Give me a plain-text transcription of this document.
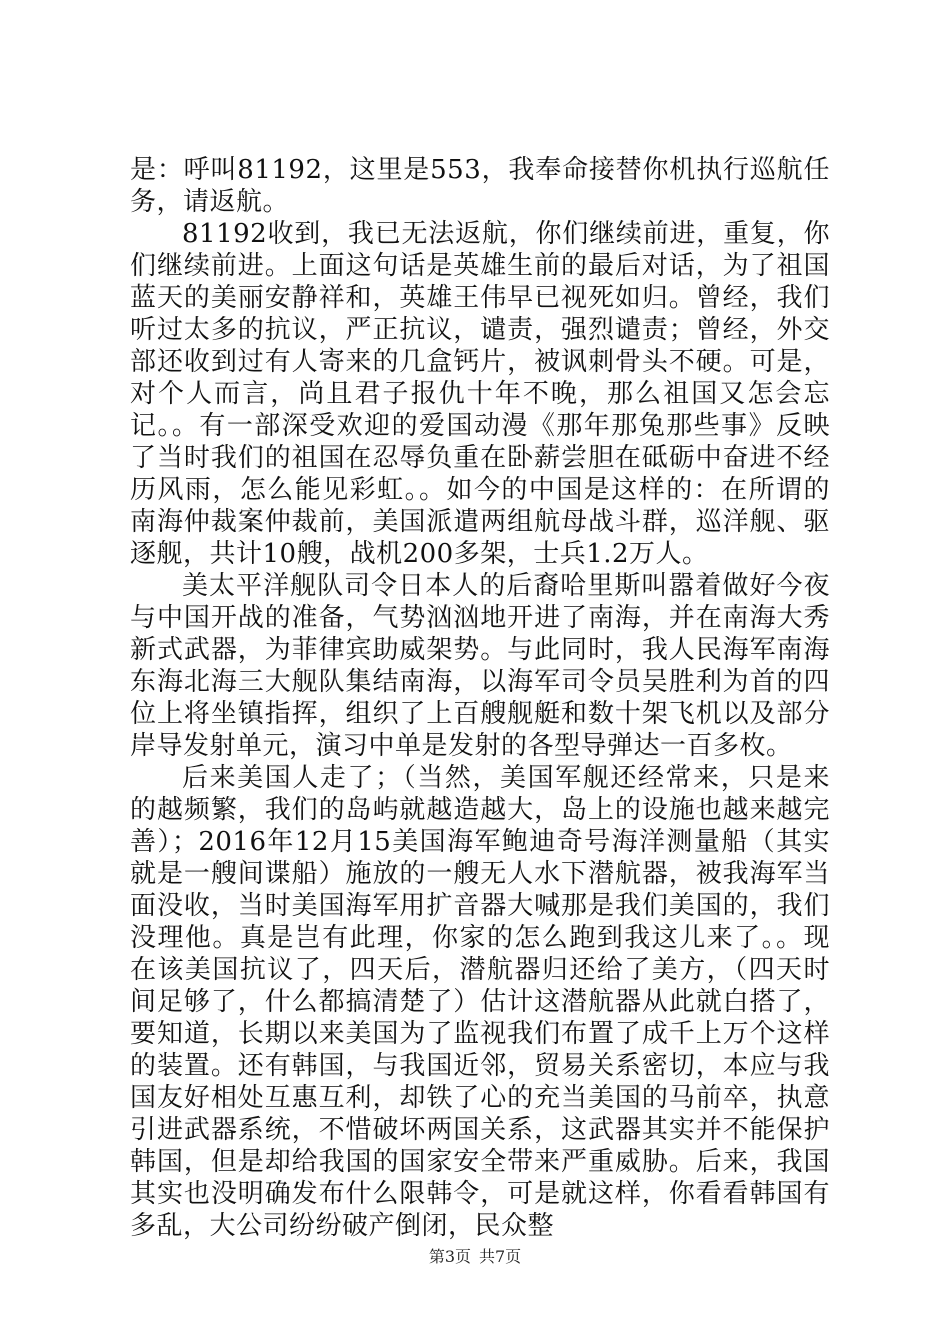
是：呼叫81192，这里是553，我奉命接替你机执行巡航任务，请返航。

81192收到，我已无法返航，你们继续前进，重复，你们继续前进。上面这句话是英雄生前的最后对话，为了祖国蓝天的美丽安静祥和，英雄王伟早已视死如归。曾经，我们听过太多的抗议，严正抗议，谴责，强烈谴责；曾经，外交部还收到过有人寄来的几盒钙片，被讽刺骨头不硬。可是，对个人而言，尚且君子报仇十年不晚，那么祖国又怎会忘记。。有一部深受欢迎的爱国动漫《那年那兔那些事》反映了当时我们的祖国在忍辱负重在卧薪尝胆在砥砺中奋进不经历风雨，怎么能见彩虹。。如今的中国是这样的：在所谓的南海仲裁案仲裁前，美国派遣两组航母战斗群，巡洋舰、驱逐舰，共计10艘，战机200多架，士兵1.2万人。

美太平洋舰队司令日本人的后裔哈里斯叫嚣着做好今夜与中国开战的准备，气势汹汹地开进了南海，并在南海大秀新式武器，为菲律宾助威架势。与此同时，我人民海军南海东海北海三大舰队集结南海，以海军司令员吴胜利为首的四位上将坐镇指挥，组织了上百艘舰艇和数十架飞机以及部分岸导发射单元，演习中单是发射的各型导弹达一百多枚。

后来美国人走了；（当然，美国军舰还经常来，只是来的越频繁，我们的岛屿就越造越大，岛上的设施也越来越完善）；2016年12月15美国海军鲍迪奇号海洋测量船（其实就是一艘间谍船）施放的一艘无人水下潜航器，被我海军当面没收，当时美国海军用扩音器大喊那是我们美国的，我们没理他。真是岂有此理，你家的怎么跑到我这儿来了。。现在该美国抗议了，四天后，潜航器归还给了美方，（四天时间足够了，什么都搞清楚了）估计这潜航器从此就白搭了，要知道，长期以来美国为了监视我们布置了成千上万个这样的装置。还有韩国，与我国近邻，贸易关系密切，本应与我国友好相处互惠互利，却铁了心的充当美国的马前卒，执意引进武器系统，不惜破坏两国关系，这武器其实并不能保护韩国，但是却给我国的国家安全带来严重威胁。后来，我国其实也没明确发布什么限韩令，可是就这样，你看看韩国有多乱，大公司纷纷破产倒闭，民众整

第3页 共7页
